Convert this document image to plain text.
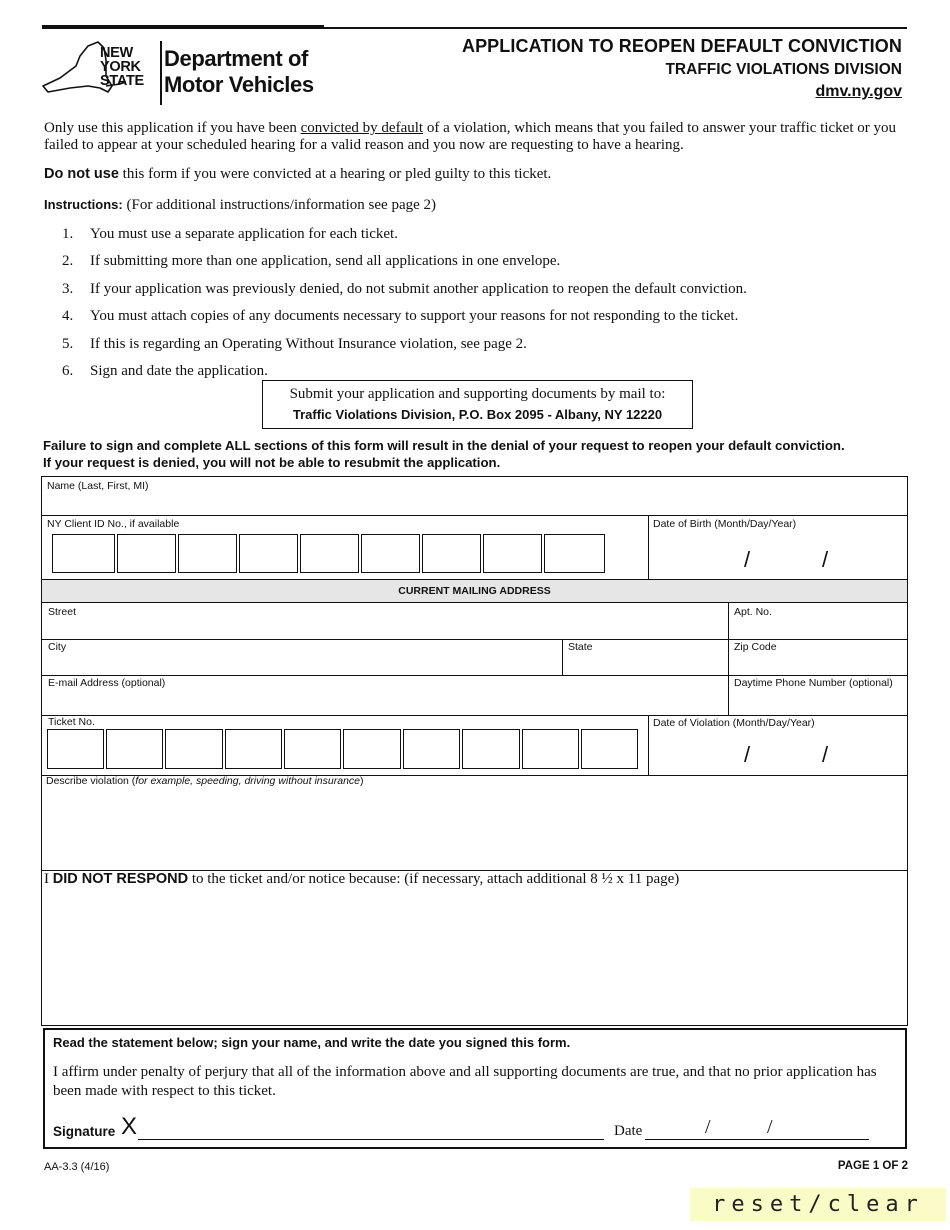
NEW
YORK
STATE
Department of
Motor Vehicles
APPLICATION TO REOPEN DEFAULT CONVICTION
TRAFFIC VIOLATIONS DIVISION
dmv.ny.gov
Only use this application if you have been convicted by default of a violation, which means that you failed to answer your traffic ticket or you failed to appear at your scheduled hearing for a valid reason and you now are requesting to have a hearing.
Do not use this form if you were convicted at a hearing or pled guilty to this ticket.
Instructions: (For additional instructions/information see page 2)
1.	You must use a separate application for each ticket.
2.	If submitting more than one application, send all applications in one envelope.
3.	If your application was previously denied, do not submit another application to reopen the default conviction.
4.	You must attach copies of any documents necessary to support your reasons for not responding to the ticket.
5.	If this is regarding an Operating Without Insurance violation, see page 2.
6.	Sign and date the application.
Submit your application and supporting documents by mail to:
Traffic Violations Division, P.O. Box 2095 - Albany, NY 12220
Failure to sign and complete ALL sections of this form will result in the denial of your request to reopen your default conviction.
If your request is denied, you will not be able to resubmit the application.
Name (Last, First, MI)
NY Client ID No., if available	Date of Birth (Month/Day/Year)
/	/
CURRENT MAILING ADDRESS
Street	Apt. No.
City	State	Zip Code
E-mail Address (optional)	Daytime Phone Number (optional)
Ticket No.	Date of Violation (Month/Day/Year)
/	/
Describe violation (for example, speeding, driving without insurance)
I DID NOT RESPOND to the ticket and/or notice because: (if necessary, attach additional 8 ½ x 11 page)
Read the statement below; sign your name, and write the date you signed this form.
I affirm under penalty of perjury that all of the information above and all supporting documents are true, and that no prior application has been made with respect to this ticket.
Signature X	Date	/	/
AA-3.3 (4/16)	PAGE 1 OF 2
reset/clear
